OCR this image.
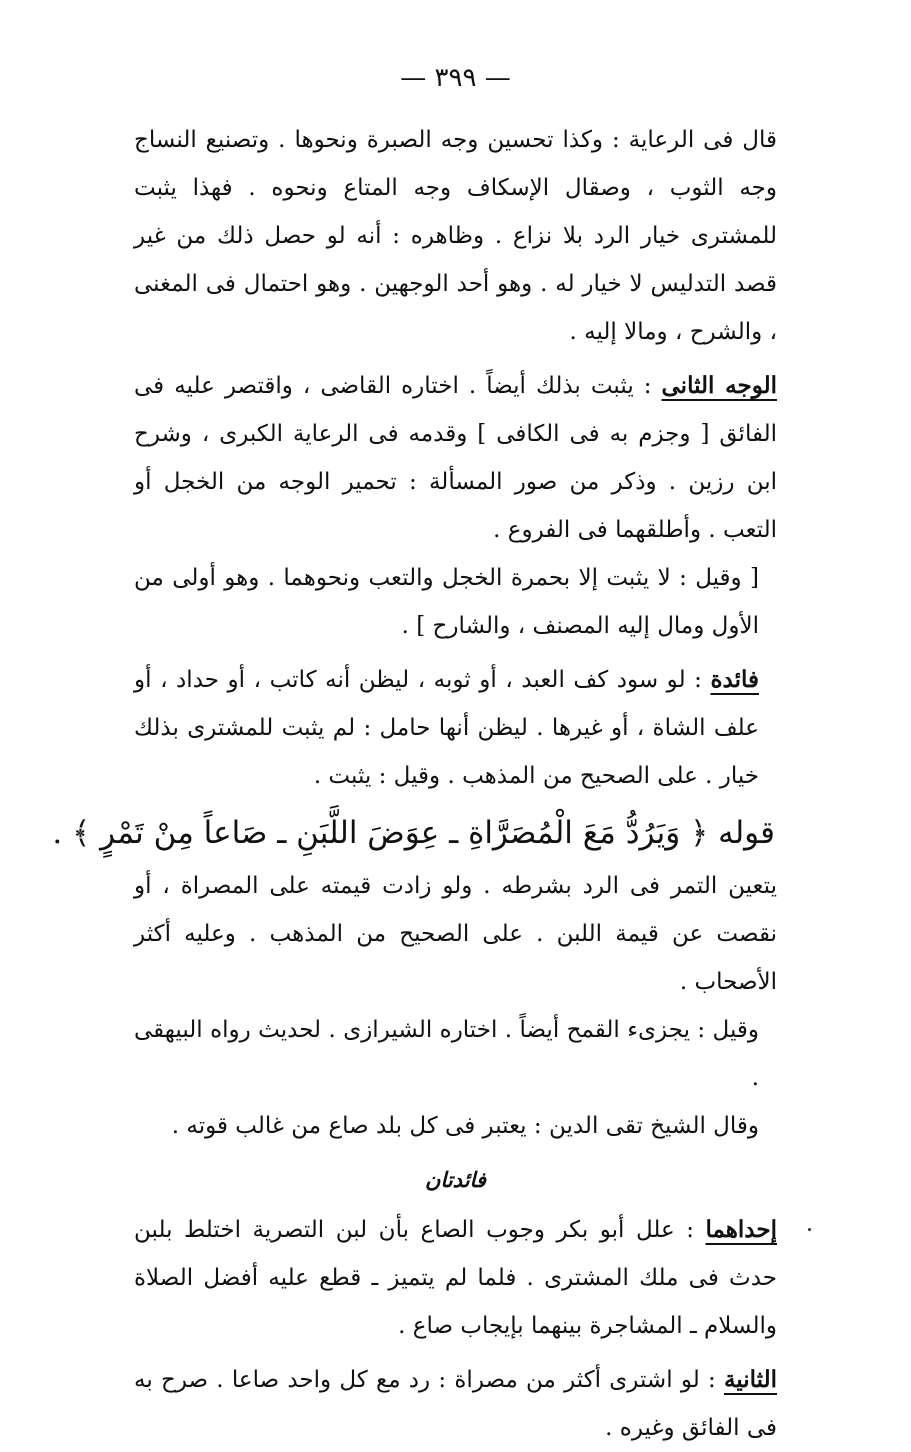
— ٣٩٩ —

قال فى الرعاية : وكذا تحسين وجه الصبرة ونحوها . وتصنيع النساج وجه الثوب ، وصقال الإسكاف وجه المتاع ونحوه . فهذا يثبت للمشترى خيار الرد بلا نزاع . وظاهره : أنه لو حصل ذلك من غير قصد التدليس لا خيار له . وهو أحد الوجهين . وهو احتمال فى المغنى ، والشرح ، ومالا إليه .

الوجه الثانى : يثبت بذلك أيضاً . اختاره القاضى ، واقتصر عليه فى الفائق [ وجزم به فى الكافى ] وقدمه فى الرعاية الكبرى ، وشرح ابن رزين . وذكر من صور المسألة : تحمير الوجه من الخجل أو التعب . وأطلقهما فى الفروع .

[ وقيل : لا يثبت إلا بحمرة الخجل والتعب ونحوهما . وهو أولى من الأول ومال إليه المصنف ، والشارح ] .

فائدة : لو سود كف العبد ، أو ثوبه ، ليظن أنه كاتب ، أو حداد ، أو علف الشاة ، أو غيرها . ليظن أنها حامل : لم يثبت للمشترى بذلك خيار . على الصحيح من المذهب . وقيل : يثبت .

قوله ﴿ وَيَرُدُّ مَعَ الْمُصَرَّاةِ ـ عِوَضَ اللَّبَنِ ـ صَاعاً مِنْ تَمْرٍ ﴾ .

يتعين التمر فى الرد بشرطه . ولو زادت قيمته على المصراة ، أو نقصت عن قيمة اللبن . على الصحيح من المذهب . وعليه أكثر الأصحاب .

وقيل : يجزىء القمح أيضاً . اختاره الشيرازى . لحديث رواه البيهقى .

وقال الشيخ تقى الدين : يعتبر فى كل بلد صاع من غالب قوته .

فائدتان

إحداهما : علل أبو بكر وجوب الصاع بأن لبن التصرية اختلط بلبن حدث فى ملك المشترى . فلما لم يتميز ـ قطع عليه أفضل الصلاة والسلام ـ المشاجرة بينهما بإيجاب صاع .

الثانية : لو اشترى أكثر من مصراة : رد مع كل واحد صاعا . صرح به فى الفائق وغيره .
